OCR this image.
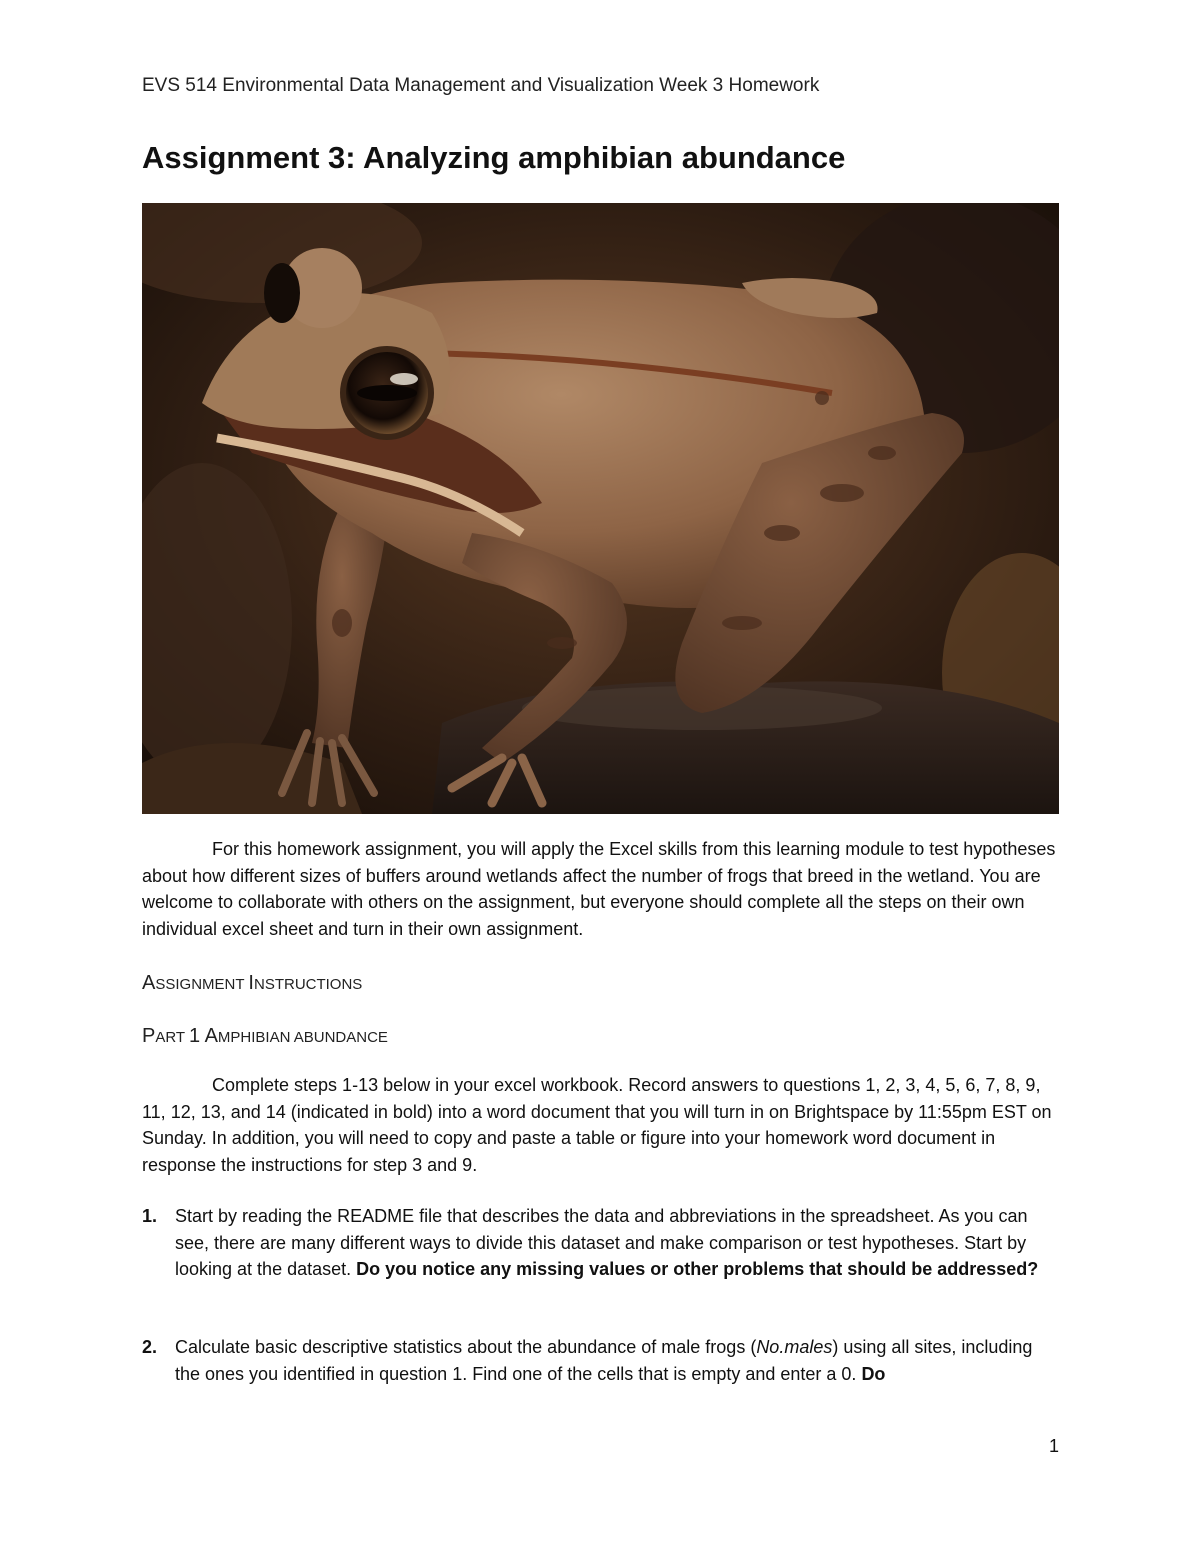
EVS 514 Environmental Data Management and Visualization Week 3 Homework
Assignment 3: Analyzing amphibian abundance

For this homework assignment, you will apply the Excel skills from this learning module to test hypotheses about how different sizes of buffers around wetlands affect the number of frogs that breed in the wetland. You are welcome to collaborate with others on the assignment, but everyone should complete all the steps on their own individual excel sheet and turn in their own assignment.

ASSIGNMENT INSTRUCTIONS
PART 1 AMPHIBIAN ABUNDANCE

Complete steps 1-13 below in your excel workbook. Record answers to questions 1, 2, 3, 4, 5, 6, 7, 8, 9, 11, 12, 13, and 14 (indicated in bold) into a word document that you will turn in on Brightspace by 11:55pm EST on Sunday. In addition, you will need to copy and paste a table or figure into your homework word document in response the instructions for step 3 and 9.

1. Start by reading the README file that describes the data and abbreviations in the spreadsheet. As you can see, there are many different ways to divide this dataset and make comparison or test hypotheses. Start by looking at the dataset. Do you notice any missing values or other problems that should be addressed?
2. Calculate basic descriptive statistics about the abundance of male frogs (No.males) using all sites, including the ones you identified in question 1. Find one of the cells that is empty and enter a 0. Do
1
